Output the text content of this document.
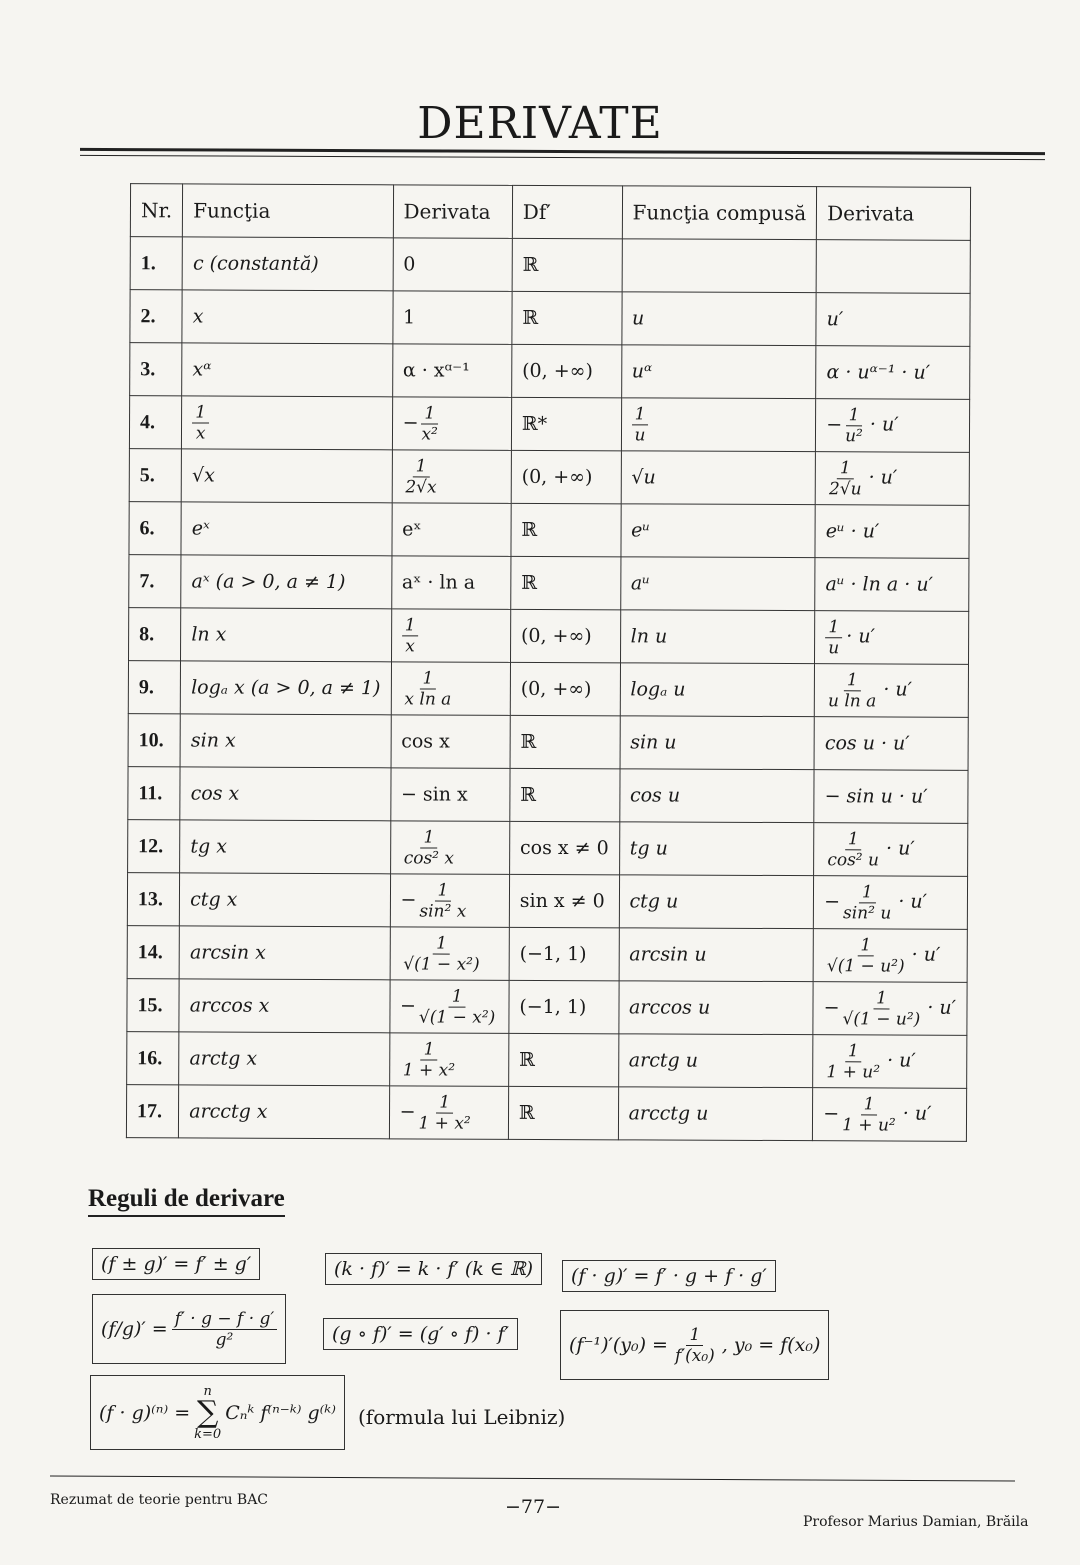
DERIVATE
Nr.	Funcţia	Derivata	Df′	Funcţia compusă	Derivata
1.	c (constantă)	0	ℝ		
2.	x	1	ℝ	u	u′
3.	xᵅ	α · xᵅ⁻¹	(0, +∞)	uᵅ	α · uᵅ⁻¹ · u′
4.	$\frac{1}{x}$	− $\frac{1}{\text{x²}}$	ℝ*	$\frac{1}{u}$	− $\frac{1}{\text{u²}} \cdot u'$
5.	√x	$\frac{1}{2√x}$	(0, +∞)	√u	$\frac{1}{2√u} \cdot u'$
6.	eˣ	eˣ	ℝ	eᵘ	eᵘ · u′
7.	aˣ (a > 0, a ≠ 1)	aˣ · ln a	ℝ	aᵘ	aᵘ · ln a · u′
8.	ln x	$\frac{1}{x}$	(0, +∞)	ln u	$\frac{1}{u} \cdot u'$
9.	logₐ x (a > 0, a ≠ 1)	$\frac{1}{\text{x ln a}}$	(0, +∞)	logₐ u	$\frac{1}{\text{u ln a}} \cdot u'$
10.	sin x	cos x	ℝ	sin u	cos u · u′
11.	cos x	− sin x	ℝ	cos u	− sin u · u′
12.	tg x	$\frac{1}{\text{cos² x}}$	cos x ≠ 0	tg u	$\frac{1}{\text{cos² u}} \cdot u'$
13.	ctg x	− $\frac{1}{\text{sin² x}}$	sin x ≠ 0	ctg u	− $\frac{1}{\text{sin² u}} \cdot u'$
14.	arcsin x	$\frac{1}{\text{√(1 − x²)}}$	(−1, 1)	arcsin u	$\frac{1}{\text{√(1 − u²)}} \cdot u'$
15.	arccos x	− $\frac{1}{\text{√(1 − x²)}}$	(−1, 1)	arccos u	− $\frac{1}{\text{√(1 − u²)}} \cdot u'$
16.	arctg x	$\frac{1}{\text{1 + x²}}$	ℝ	arctg u	$\frac{1}{\text{1 + u²}} \cdot u'$
17.	arcctg x	− $\frac{1}{\text{1 + x²}}$	ℝ	arcctg u	− $\frac{1}{\text{1 + u²}} \cdot u'$
Reguli de derivare
(f ± g)′ = f′ ± g′	(k · f)′ = k · f′ (k ∈ ℝ) (f · g)′ = f′ · g + f · g′
$(f/g)' = \frac{f' \cdot g - f \cdot g'}{\text{g²}}$	(g ∘ f)′ = (g′ ∘ f) · f′	$(f^{-1})'(y_0) = \frac{1}{\text{f′(x₀)}}$ , y₀ = f(x₀)
(f · g)⁽ⁿ⁾ =
n
∑
k=0
Cₙᵏ f⁽ⁿ⁻ᵏ⁾ g⁽ᵏ⁾ (formula lui Leibniz)
Rezumat de teorie pentru BAC	−77−
Profesor Marius Damian, Brăila
